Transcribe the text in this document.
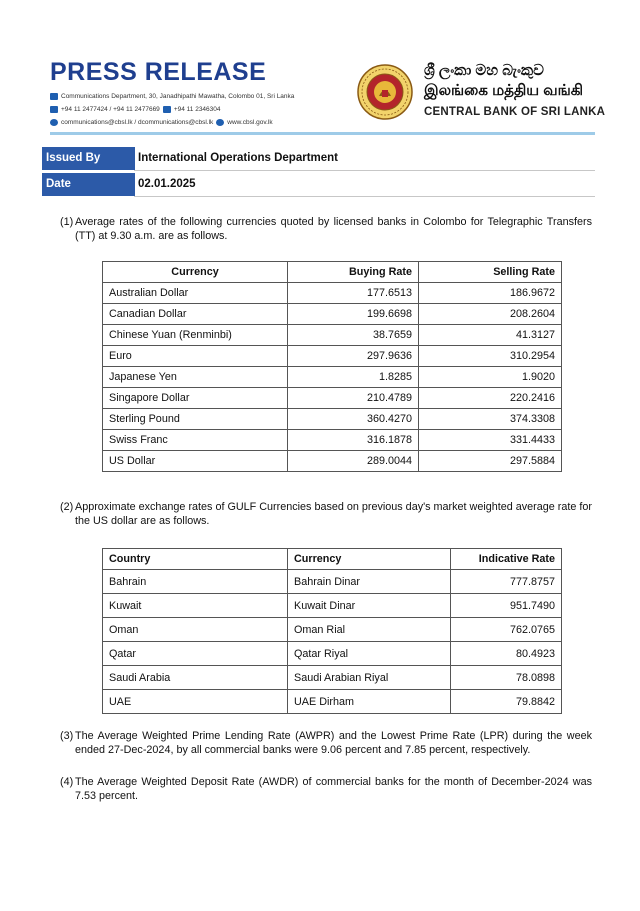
PRESS RELEASE
Communications Department, 30, Janadhipathi Mawatha, Colombo 01, Sri Lanka
+94 11 2477424 / +94 11 2477669 +94 11 2346304
communications@cbsl.lk / dcommunications@cbsl.lk www.cbsl.gov.lk
ශ්‍රී ලංකා මහ බැංකුව
இலங்கை மத்திய வங்கி
CENTRAL BANK OF SRI LANKA
Issued By	International Operations Department
Date	02.01.2025
(1) Average rates of the following currencies quoted by licensed banks in Colombo for Telegraphic Transfers (TT) at 9.30 a.m. are as follows.
Currency	Buying Rate	Selling Rate
Australian Dollar	177.6513	186.9672
Canadian Dollar	199.6698	208.2604
Chinese Yuan (Renminbi)	38.7659	41.3127
Euro	297.9636	310.2954
Japanese Yen	1.8285	1.9020
Singapore Dollar	210.4789	220.2416
Sterling Pound	360.4270	374.3308
Swiss Franc	316.1878	331.4433
US Dollar	289.0044	297.5884
(2) Approximate exchange rates of GULF Currencies based on previous day's market weighted average rate for the US dollar are as follows.
Country	Currency	Indicative Rate
Bahrain	Bahrain Dinar	777.8757
Kuwait	Kuwait Dinar	951.7490
Oman	Oman Rial	762.0765
Qatar	Qatar Riyal	80.4923
Saudi Arabia	Saudi Arabian Riyal	78.0898
UAE	UAE Dirham	79.8842
(3) The Average Weighted Prime Lending Rate (AWPR) and the Lowest Prime Rate (LPR) during the week ended 27-Dec-2024, by all commercial banks were 9.06 percent and 7.85 percent, respectively.
(4) The Average Weighted Deposit Rate (AWDR) of commercial banks for the month of December-2024 was 7.53 percent.
